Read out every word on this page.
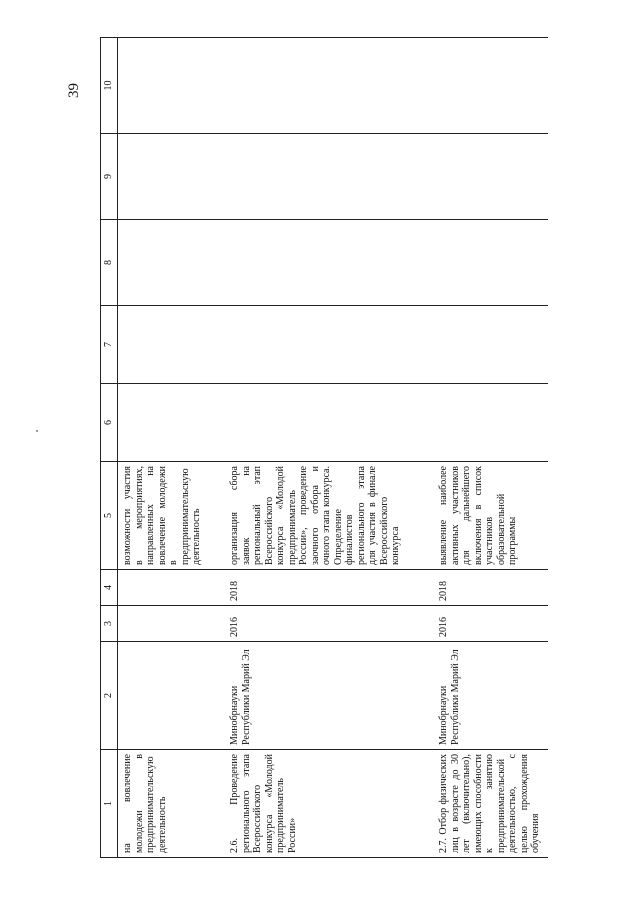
39
1	2	3	4	5	6	7	8	9	10
на вовлечение молодежи в предпринимательскую деятельность				возможности участия в мероприятиях, направленных на вовлечение молодежи в предпринимательскую деятельность					
2.6. Проведение регионального этапа Всероссийского конкурса «Молодой предприниматель России»	Минобрнауки Республики Марий Эл	2016	2018	организация сбора заявок на региональный этап Всероссийского конкурса «Молодой предприниматель России», проведение заочного отбора и очного этапа конкурса. Определение финалистов регионального этапа для участия в финале Всероссийского конкурса					
2.7. Отбор физических лиц в возрасте до 30 лет (включительно), имеющих способности к занятию предпринимательской деятельностью, с целью прохождения обучения	Минобрнауки Республики Марий Эл	2016	2018	выявление наиболее активных участников для дальнейшего включения в список участников образовательной программы					
